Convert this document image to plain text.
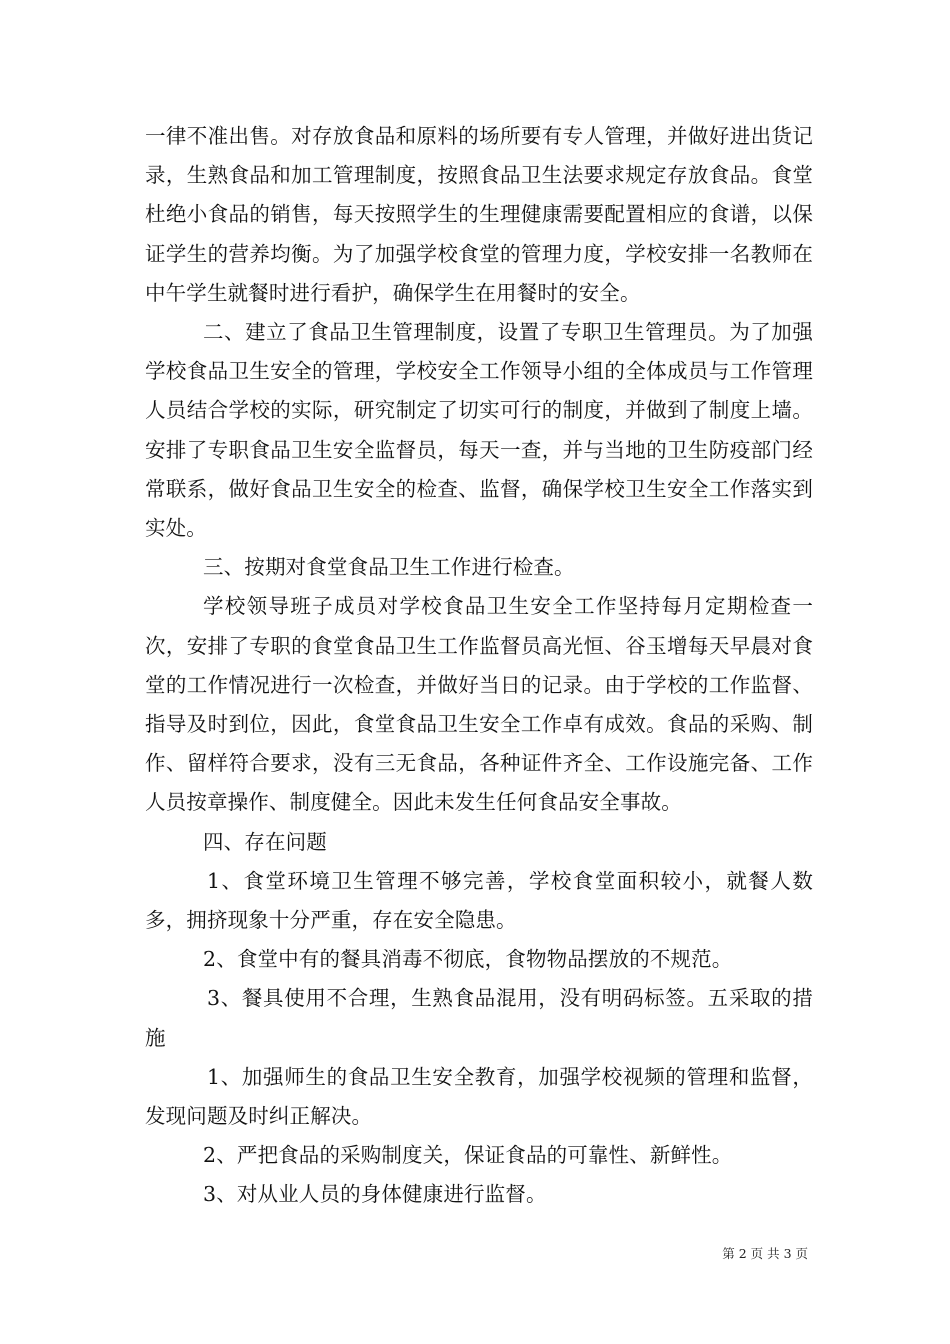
一律不准出售。对存放食品和原料的场所要有专人管理，并做好进出货记录，生熟食品和加工管理制度，按照食品卫生法要求规定存放食品。食堂杜绝小食品的销售，每天按照学生的生理健康需要配置相应的食谱，以保证学生的营养均衡。为了加强学校食堂的管理力度，学校安排一名教师在中午学生就餐时进行看护，确保学生在用餐时的安全。

二、建立了食品卫生管理制度，设置了专职卫生管理员。为了加强学校食品卫生安全的管理，学校安全工作领导小组的全体成员与工作管理人员结合学校的实际，研究制定了切实可行的制度，并做到了制度上墙。安排了专职食品卫生安全监督员，每天一查，并与当地的卫生防疫部门经常联系，做好食品卫生安全的检查、监督，确保学校卫生安全工作落实到实处。

三、按期对食堂食品卫生工作进行检查。

学校领导班子成员对学校食品卫生安全工作坚持每月定期检查一次，安排了专职的食堂食品卫生工作监督员高光恒、谷玉增每天早晨对食堂的工作情况进行一次检查，并做好当日的记录。由于学校的工作监督、指导及时到位，因此，食堂食品卫生安全工作卓有成效。食品的采购、制作、留样符合要求，没有三无食品，各种证件齐全、工作设施完备、工作人员按章操作、制度健全。因此未发生任何食品安全事故。

四、存在问题

1、食堂环境卫生管理不够完善，学校食堂面积较小，就餐人数多，拥挤现象十分严重，存在安全隐患。

2、食堂中有的餐具消毒不彻底，食物物品摆放的不规范。

3、餐具使用不合理，生熟食品混用，没有明码标签。五采取的措施

1、加强师生的食品卫生安全教育，加强学校视频的管理和监督，发现问题及时纠正解决。

2、严把食品的采购制度关，保证食品的可靠性、新鲜性。

3、对从业人员的身体健康进行监督。

第 2 页 共 3 页
